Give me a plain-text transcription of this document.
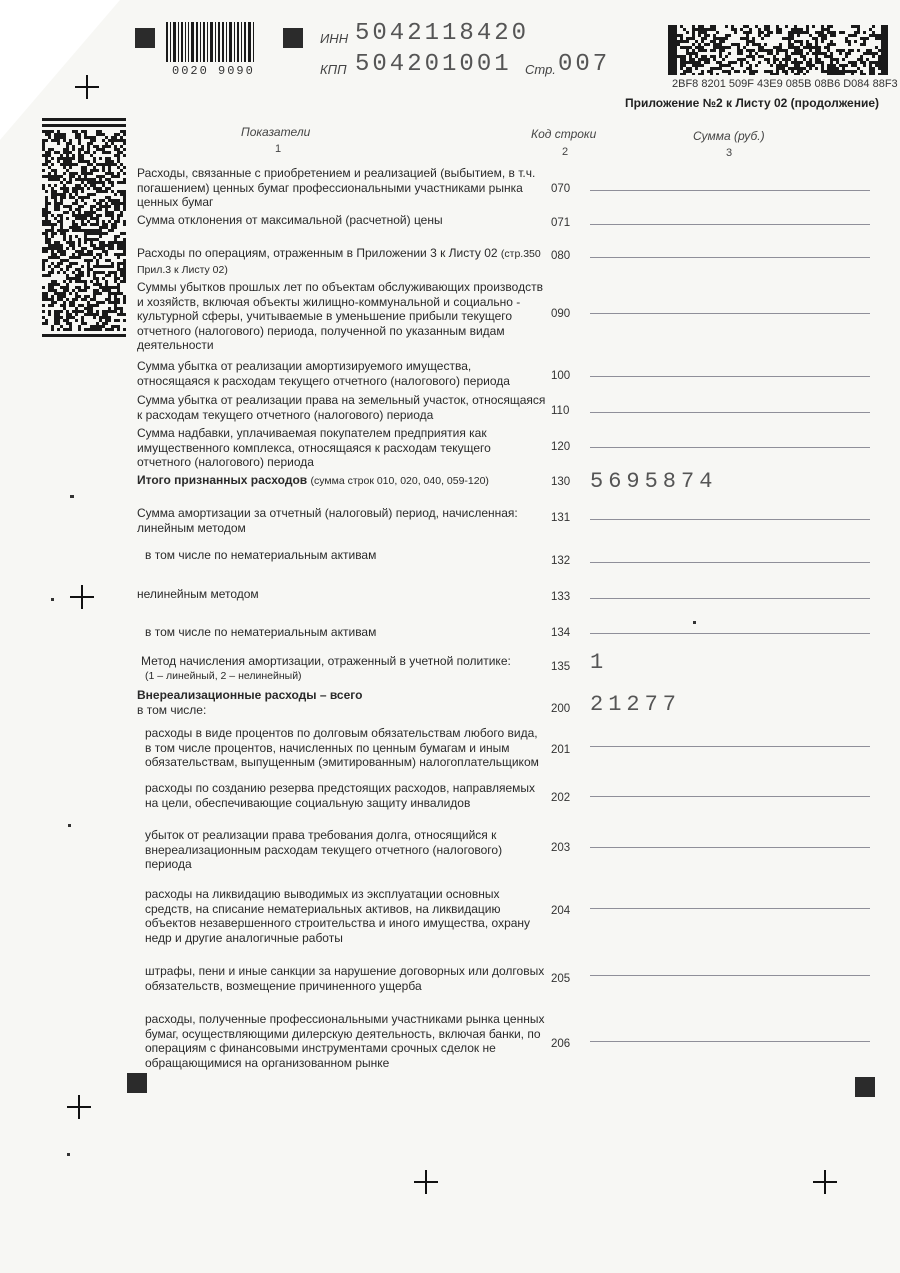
0020 9090
ИНН 5042118420
КПП 504201001 Стр. 007
2BF8 8201 509F 43E9 085B 08B6 D084 88F3
Приложение №2 к Листу 02 (продолжение)
Показатели
1
Код строки
2
Сумма (руб.)
3
Расходы, связанные с приобретением и реализацией (выбытием, в т.ч. погашением) ценных бумаг профессиональными участниками рынка ценных бумаг
070
Сумма отклонения от максимальной (расчетной) цены	071
Расходы по операциям, отраженным в Приложении 3 к Листу 02 (стр.350 Прил.3 к Листу 02)
080
Суммы убытков прошлых лет по объектам обслуживающих производств и хозяйств, включая объекты жилищно-коммунальной и социально - культурной сферы, учитываемые в уменьшение прибыли текущего отчетного (налогового) периода, полученной по указанным видам деятельности
090
Сумма убытка от реализации амортизируемого имущества, относящаяся к расходам текущего отчетного (налогового) периода	100
Сумма убытка от реализации права на земельный участок, относящаяся к расходам текущего отчетного (налогового) периода	110
Сумма надбавки, уплачиваемая покупателем предприятия как имущественного комплекса, относящаяся к расходам текущего отчетного (налогового) периода
120
Итого признанных расходов (сумма строк 010, 020, 040, 059-120)	130 5695874
Сумма амортизации за отчетный (налоговый) период, начисленная: линейным методом
131
в том числе по нематериальным активам	132
нелинейным методом	133
в том числе по нематериальным активам	134
Метод начисления амортизации, отраженный в учетной политике:
(1 – линейный, 2 – нелинейный)
135 1
Внереализационные расходы – всего
в том числе:	200 21277
расходы в виде процентов по долговым обязательствам любого вида, в том числе процентов, начисленных по ценным бумагам и иным обязательствам, выпущенным (эмитированным) налогоплательщиком
201
расходы по созданию резерва предстоящих расходов, направляемых на цели, обеспечивающие социальную защиту инвалидов	202
убыток от реализации права требования долга, относящийся к внереализационным расходам текущего отчетного (налогового) периода
203
расходы на ликвидацию выводимых из эксплуатации основных средств, на списание нематериальных активов, на ликвидацию объектов незавершенного строительства и иного имущества, охрану недр и другие аналогичные работы
204
штрафы, пени и иные санкции за нарушение договорных или долговых обязательств, возмещение причиненного ущерба	205
расходы, полученные профессиональными участниками рынка ценных бумаг, осуществляющими дилерскую деятельность, включая банки, по операциям с финансовыми инструментами срочных сделок не обращающимися на организованном рынке
206
